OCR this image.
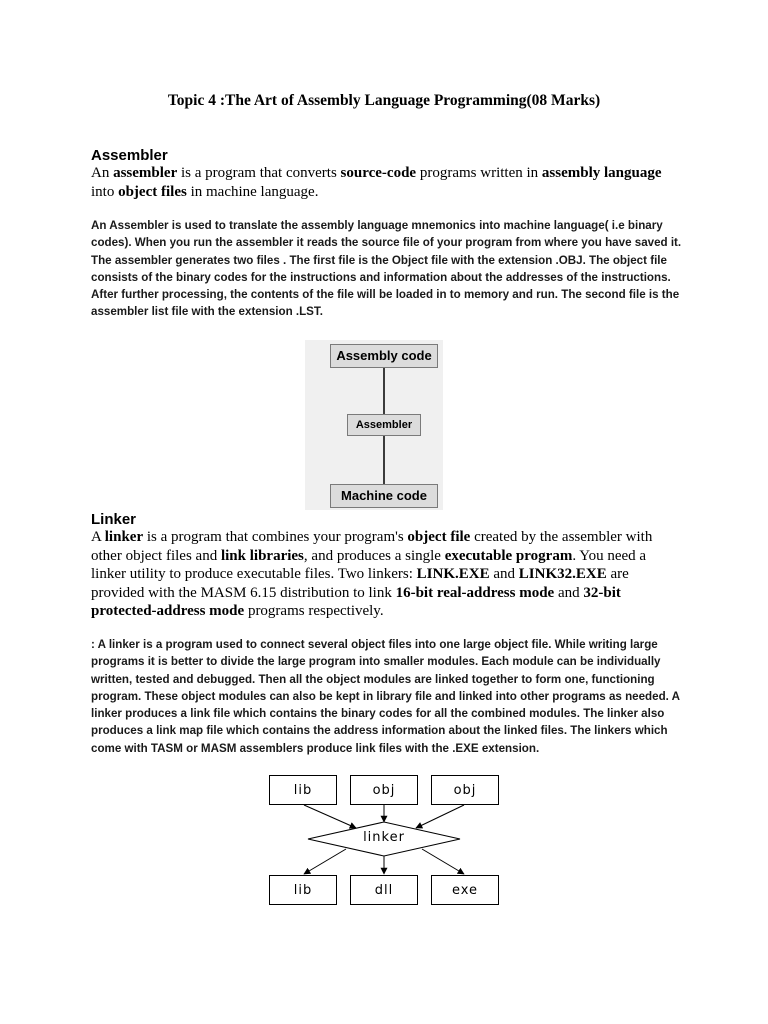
Topic 4 :The Art of Assembly Language Programming(08 Marks)
Assembler
An assembler is a program that converts source-code programs written in assembly language into object files in machine language.
An Assembler is used to translate the assembly language mnemonics into machine language( i.e binary codes). When you run the assembler it reads the source file of your program from where you have saved it. The assembler generates two files . The first file is the Object file with the extension .OBJ. The object file consists of the binary codes for the instructions and information about the addresses of the instructions. After further processing, the contents of the file will be loaded in to memory and run. The second file is the assembler list file with the extension .LST.
Assembly code
Assembler
Machine code
Linker
A linker is a program that combines your program's object file created by the assembler with other object files and link libraries, and produces a single executable program. You need a linker utility to produce executable files. Two linkers: LINK.EXE and LINK32.EXE are provided with the MASM 6.15 distribution to link 16-bit real-address mode and 32-bit protected-address mode programs respectively.
: A linker is a program used to connect several object files into one large object file. While writing large programs it is better to divide the large program into smaller modules. Each module can be individually written, tested and debugged. Then all the object modules are linked together to form one, functioning program. These object modules can also be kept in library file and linked into other programs as needed. A linker produces a link file which contains the binary codes for all the combined modules. The linker also produces a link map file which contains the address information about the linked files. The linkers which come with TASM or MASM assemblers produce link files with the .EXE extension.
lib	obj	obj
linker
lib	dll	exe
